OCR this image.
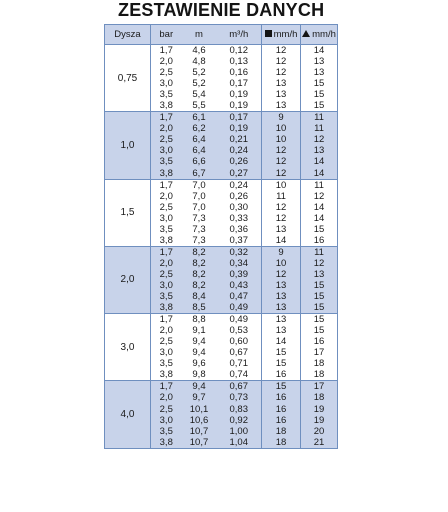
ZESTAWIENIE DANYCH
Dysza	bar	m	m³/h	mm/h	mm/h
0,75	1,7	4,6	0,12	12	14
	2,0	4,8	0,13	12	13
	2,5	5,2	0,16	12	13
	3,0	5,2	0,17	13	15
	3,5	5,4	0,19	13	15
	3,8	5,5	0,19	13	15
1,0	1,7	6,1	0,17	9	11
	2,0	6,2	0,19	10	11
	2,5	6,4	0,21	10	12
	3,0	6,4	0,24	12	13
	3,5	6,6	0,26	12	14
	3,8	6,7	0,27	12	14
1,5	1,7	7,0	0,24	10	11
	2,0	7,0	0,26	11	12
	2,5	7,0	0,30	12	14
	3,0	7,3	0,33	12	14
	3,5	7,3	0,36	13	15
	3,8	7,3	0,37	14	16
2,0	1,7	8,2	0,32	9	11
	2,0	8,2	0,34	10	12
	2,5	8,2	0,39	12	13
	3,0	8,2	0,43	13	15
	3,5	8,4	0,47	13	15
	3,8	8,5	0,49	13	15
3,0	1,7	8,8	0,49	13	15
	2,0	9,1	0,53	13	15
	2,5	9,4	0,60	14	16
	3,0	9,4	0,67	15	17
	3,5	9,6	0,71	15	18
	3,8	9,8	0,74	16	18
4,0	1,7	9,4	0,67	15	17
	2,0	9,7	0,73	16	18
	2,5	10,1	0,83	16	19
	3,0	10,6	0,92	16	19
	3,5	10,7	1,00	18	20
	3,8	10,7	1,04	18	21
